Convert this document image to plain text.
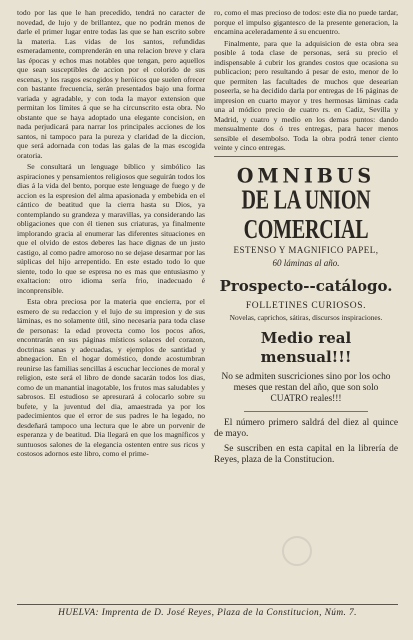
todo por las que le han precedido, tendrá no caracter de novedad, de lujo y de brillantez, que no podrán menos de darle el primer lugar entre todas las que se han escrito sobre la materia. Las vidas de los santos, refundidas esmeradamente, comprenderán en una relacion breve y clara las épocas y echos mas notables que tengan, pero aquellos que sean susceptibles de accion por el colorido de sus escenas, y los rasgos escogidos y heróicos que suelen ofrecer con bastante frecuencia, serán presentados bajo una forma variada y agradable, y con toda la mayor extension que permitan los límites á que se ha circunscrito esta obra. No obstante que se haya adoptado una elegante concision, en nada perjudicará para narrar los principales acciones de los santos, ni tampoco para la pureza y claridad de la diccion, que será adornada con todas las galas de la mas escogida oratoria.

Se consultará un lenguage bíblico y simbólico las aspiraciones y pensamientos religiosos que seguirán todos los dias á la vida del bento, porque este lenguage de fuego y de accion es la espresion del alma apasionada y embebida en el cántico de beatitud que la cierra hasta su Dios, ya contemplando su grandeza y maravillas, ya considerando las obligaciones que con él tienen sus criaturas, ya finalmente implorando gracia al enumerar las diferentes situaciones en que el olvido de estos deberes las hace dignas de un justo castigo, al como padre amoroso no se dejase desarmar por las súplicas del hijo arrepentido. En este estado todo lo que siente, todo lo que se espresa no es mas que entusiasmo y exaltacion: otro idioma sería frio, inadecuado é inconprensible.

Esta obra preciosa por la materia que encierra, por el esmero de su redaccion y el lujo de su impresion y de sus láminas, es no solamente útil, sino necesaria para toda clase de personas: la edad provecta como los pocos años, encontrarán en sus páginas místicos solaces del corazon, doctrinas sanas y adecuadas, y ejemplos de santidad y abnegacion. En el hogar doméstico, donde acostumbran reunirse las familias sencillas á escuchar lecciones de moral y religion, este será el libro de donde sacarán todos los dias, como de un manantial inagotable, los frutos mas saludables y sabrosos. El estudioso se apresurará á colocarlo sobre su bufete, y la juventud del dia, amaestrada ya por los padecimientos que el error de sus padres le ha legado, no desdeñará tampoco una lectura que le abre un porvenir de esperanza y de beatitud. Dia llegará en que los magníficos y suntuosos salones de la elegancia ostenten entre sus ricos y costosos adornos este libro, como el prime-

ro, como el mas precioso de todos: este dia no puede tardar, porque el impulso gigantesco de la presente generacion, la encamina aceleradamente á su encuentro.

Finalmente, para que la adquisicion de esta obra sea posible á toda clase de personas, será su precio el indispensable á cubrir los grandes costos que ocasiona su publicacion; pero resultando á pesar de esto, menor de lo que permiten las facultades de muchos que desearian poseerla, se ha decidido darla por entregas de 16 páginas de impresion en cuarto mayor y tres hermosas láminas cada una al módico precio de cuatro rs. en Cadiz, Sevilla y Madrid, y cuatro y medio en los demas puntos: dando mensualmente dos ó tres entregas, para hacer menos sensible el desembolso. Toda la obra podrá tener ciento veinte y cinco entregas.

OMNIBUS
DE LA UNION COMERCIAL
ESTENSO Y MAGNIFICO PAPEL,
60 láminas al año.
Prospecto--catálogo.
FOLLETINES CURIOSOS.
Novelas, caprichos, sátiras, discursos inspiraciones.
Medio real mensual!!!
No se admiten suscriciones sino por los ocho meses que restan del año, que son solo CUATRO reales!!!
El número primero saldrá del diez al quince de mayo.
Se suscriben en esta capital en la librería de Reyes, plaza de la Constitucion.
HUELVA: Imprenta de D. José Reyes, Plaza de la Constitucion, Núm. 7.
